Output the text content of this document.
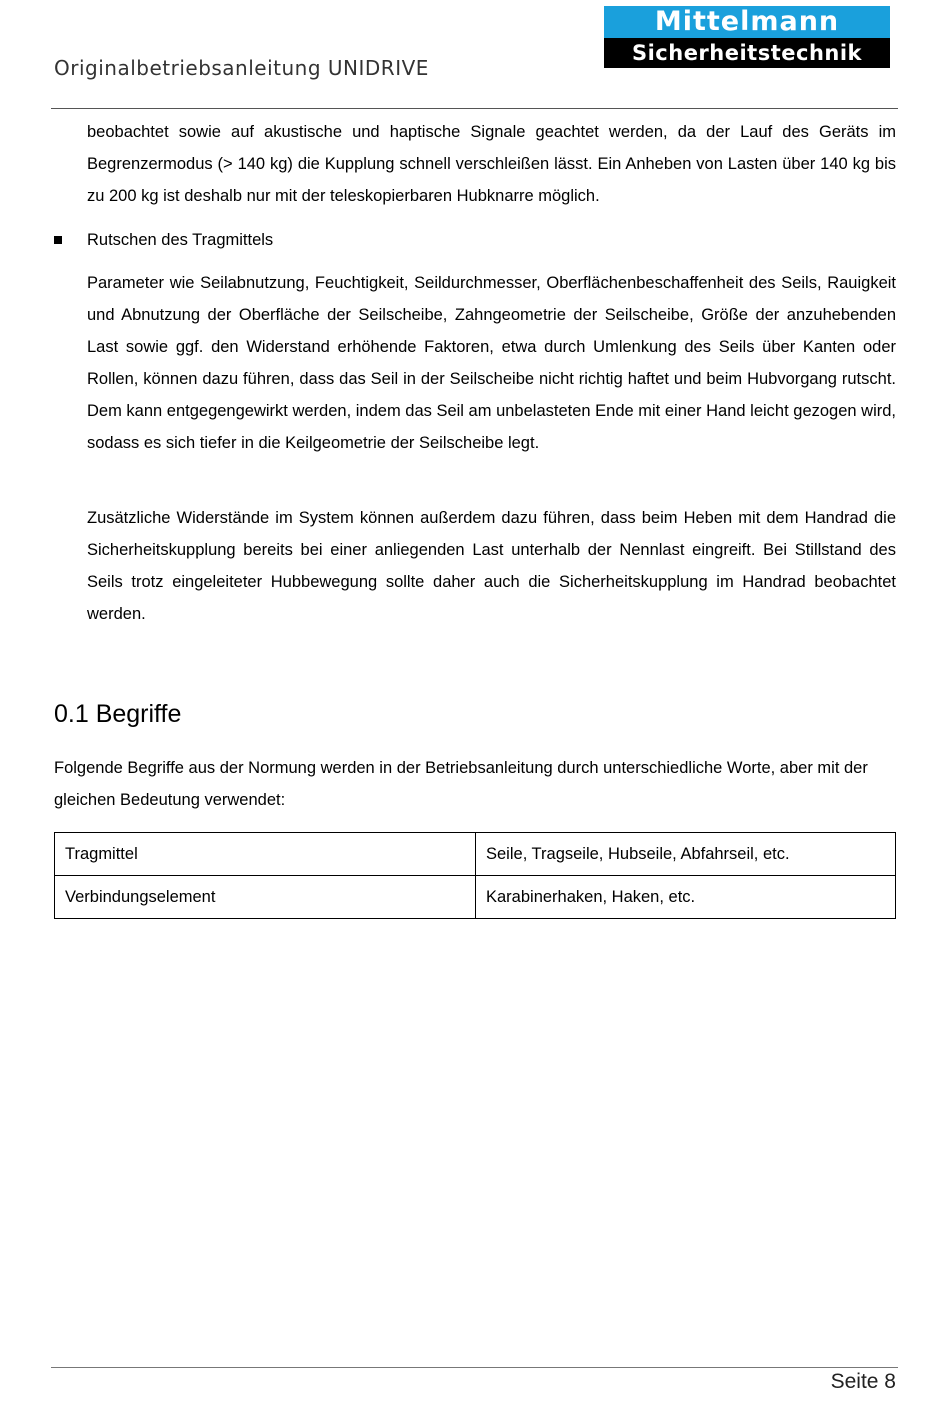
Originalbetriebsanleitung UNIDRIVE
Mittelmann
Sicherheitstechnik
beobachtet sowie auf akustische und haptische Signale geachtet werden, da der Lauf des Geräts im Begrenzermodus (> 140 kg) die Kupplung schnell verschleißen lässt. Ein Anheben von Lasten über 140 kg bis zu 200 kg ist deshalb nur mit der teleskopierbaren Hubknarre möglich.
Rutschen des Tragmittels
Parameter wie Seilabnutzung, Feuchtigkeit, Seildurchmesser, Oberflächenbeschaffenheit des Seils, Rauigkeit und Abnutzung der Oberfläche der Seilscheibe, Zahngeometrie der Seilscheibe, Größe der anzuhebenden Last sowie ggf. den Widerstand erhöhende Faktoren, etwa durch Umlenkung des Seils über Kanten oder Rollen, können dazu führen, dass das Seil in der Seilscheibe nicht richtig haftet und beim Hubvorgang rutscht. Dem kann entgegengewirkt werden, indem das Seil am unbelasteten Ende mit einer Hand leicht gezogen wird, sodass es sich tiefer in die Keilgeometrie der Seilscheibe legt.
Zusätzliche Widerstände im System können außerdem dazu führen, dass beim Heben mit dem Handrad die Sicherheitskupplung bereits bei einer anliegenden Last unterhalb der Nennlast eingreift. Bei Stillstand des Seils trotz eingeleiteter Hubbewegung sollte daher auch die Sicherheitskupplung im Handrad beobachtet werden.
0.1 Begriffe
Folgende Begriffe aus der Normung werden in der Betriebsanleitung durch unterschiedliche Worte, aber mit der gleichen Bedeutung verwendet:
Tragmittel	Seile, Tragseile, Hubseile, Abfahrseil, etc.
Verbindungselement	Karabinerhaken, Haken, etc.
Seite 8
